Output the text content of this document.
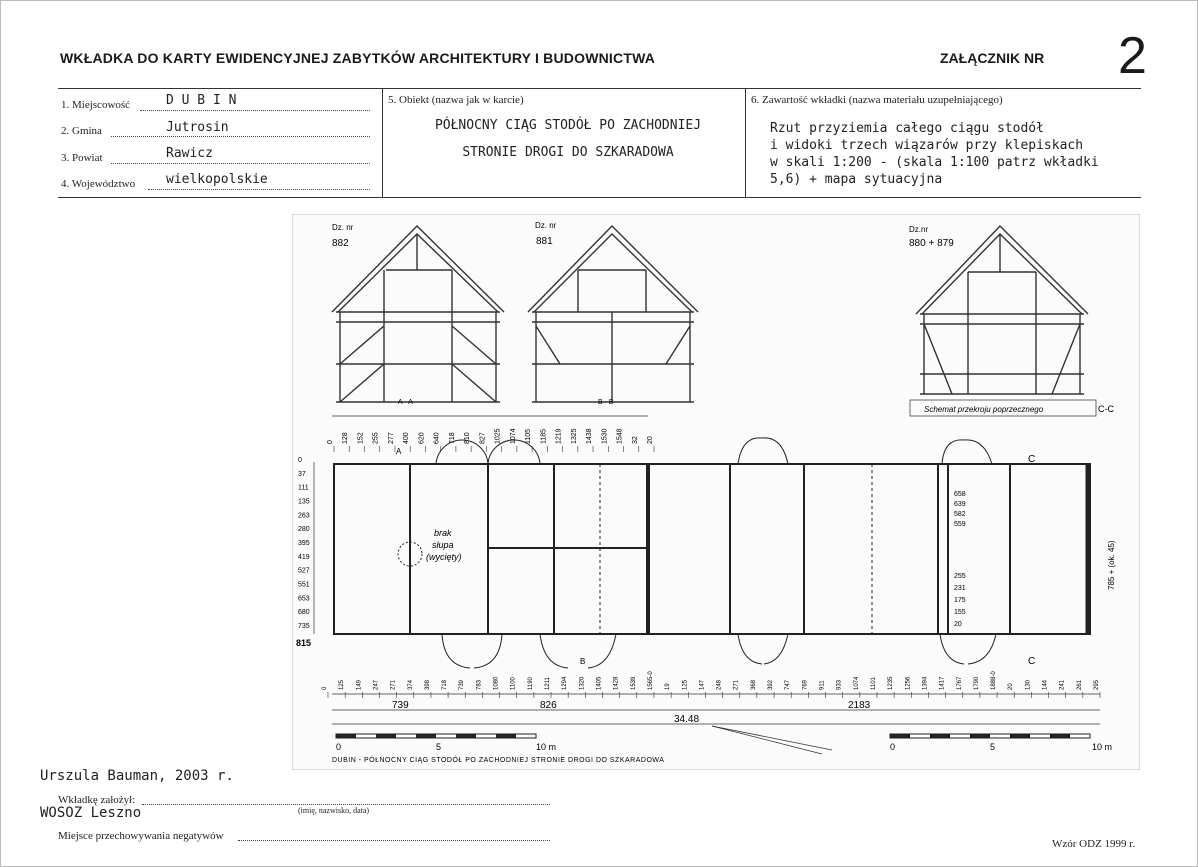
WKŁADKA DO KARTY EWIDENCYJNEJ ZABYTKÓW ARCHITEKTURY I BUDOWNICTWA	ZAŁĄCZNIK NR 2
1. Miejscowość	D U B I N
2. Gmina	Jutrosin
3. Powiat	Rawicz
4. Województwo wielkopolskie
5. Obiekt (nazwa jak w karcie)
PÓŁNOCNY CIĄG STODÓŁ PO ZACHODNIEJ
STRONIE DROGI DO SZKARADOWA
6. Zawartość wkładki (nazwa materiału uzupełniającego)
Rzut przyziemia całego ciągu stodół
i widoki trzech wiązarów przy klepiskach
w skali 1:200 - (skala 1:100 patrz wkładki
5,6) + mapa sytuacyjna
Dz. nr
882
Dz. nr
881
Dz.nr
880 + 879
A - A	B - B
Schemat przekroju poprzecznego	C-C
0 128 152 255 277 400 620 640 718 810 827 1025 1074 1105 1185 1219 1325 1438 1530 1548 32 20
0
37
111
135
263
280
395
419
527
551
653
680
735
815
A
B
C
C
brak
słupa
(wycięty)
658
639
582
559
255
231
175
155
20
785 + (ok. 45)
0 125 149 247 271 374 398 718 739 783 1080 1100 1190 1211 1294 1320 1405 1428 1539 1565-0 19 125 147 248 271 368 392 747 769 911 933 1074 1101 1235 1256 1394 1417 1767 1790 1888-0 20 130 144 241 261 295
739	826	2183
34.48
0	5	10 m	0	5	10 m
DUBIN - PÓŁNOCNY CIĄG STODÓŁ PO ZACHODNIEJ STRONIE DROGI DO SZKARADOWA
Urszula Bauman, 2003 r.
Wkładkę założył:
WOSOZ Leszno	(imię, nazwisko, data)
Miejsce przechowywania negatywów
Wzór ODZ 1999 r.
